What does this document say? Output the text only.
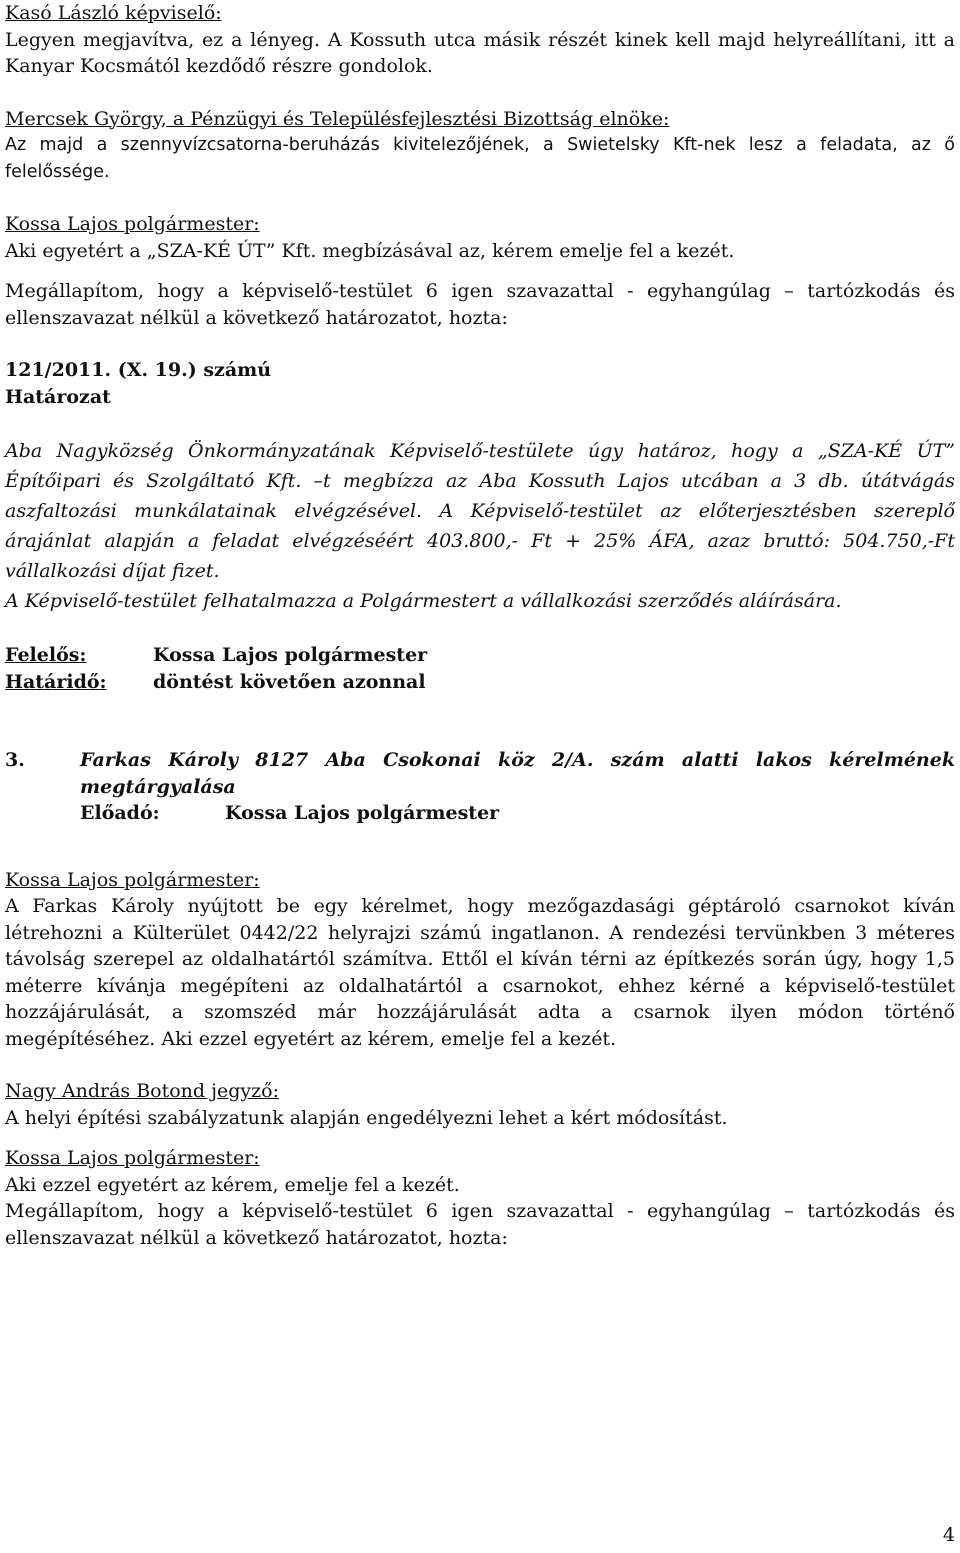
Kasó László képviselő:

Legyen megjavítva, ez a lényeg. A Kossuth utca másik részét kinek kell majd helyreállítani, itt a Kanyar Kocsmától kezdődő részre gondolok.

Mercsek György, a Pénzügyi és Településfejlesztési Bizottság elnöke:

Az majd a szennyvízcsatorna-beruházás kivitelezőjének, a Swietelsky Kft-nek lesz a feladata, az ő felelőssége.

Kossa Lajos polgármester:

Aki egyetért a „SZA-KÉ ÚT” Kft. megbízásával az, kérem emelje fel a kezét.

Megállapítom, hogy a képviselő-testület 6 igen szavazattal - egyhangúlag – tartózkodás és ellenszavazat nélkül a következő határozatot, hozta:

121/2011. (X. 19.) számú

Határozat

Aba Nagyközség Önkormányzatának Képviselő-testülete úgy határoz, hogy a „SZA-KÉ ÚT” Építőipari és Szolgáltató Kft. –t megbízza az Aba Kossuth Lajos utcában a 3 db. útátvágás aszfaltozási munkálatainak elvégzésével. A Képviselő-testület az előterjesztésben szereplő árajánlat alapján a feladat elvégzéséért 403.800,- Ft + 25% ÁFA, azaz bruttó: 504.750,-Ft vállalkozási díjat fizet.

A Képviselő-testület felhatalmazza a Polgármestert a vállalkozási szerződés aláírására.

Felelős:	Kossa Lajos polgármester
Határidő:	döntést követően azonnal
3.	Farkas Károly 8127 Aba Csokonai köz 2/A. szám alatti lakos kérelmének megtárgyalása

Előadó:	Kossa Lajos polgármester

Kossa Lajos polgármester:

A Farkas Károly nyújtott be egy kérelmet, hogy mezőgazdasági géptároló csarnokot kíván létrehozni a Külterület 0442/22 helyrajzi számú ingatlanon. A rendezési tervünkben 3 méteres távolság szerepel az oldalhatártól számítva. Ettől el kíván térni az építkezés során úgy, hogy 1,5 méterre kívánja megépíteni az oldalhatártól a csarnokot, ehhez kérné a képviselő-testület hozzájárulását, a szomszéd már hozzájárulását adta a csarnok ilyen módon történő megépítéséhez. Aki ezzel egyetért az kérem, emelje fel a kezét.

Nagy András Botond jegyző:

A helyi építési szabályzatunk alapján engedélyezni lehet a kért módosítást.

Kossa Lajos polgármester:

Aki ezzel egyetért az kérem, emelje fel a kezét.

Megállapítom, hogy a képviselő-testület 6 igen szavazattal - egyhangúlag – tartózkodás és ellenszavazat nélkül a következő határozatot, hozta:

4
